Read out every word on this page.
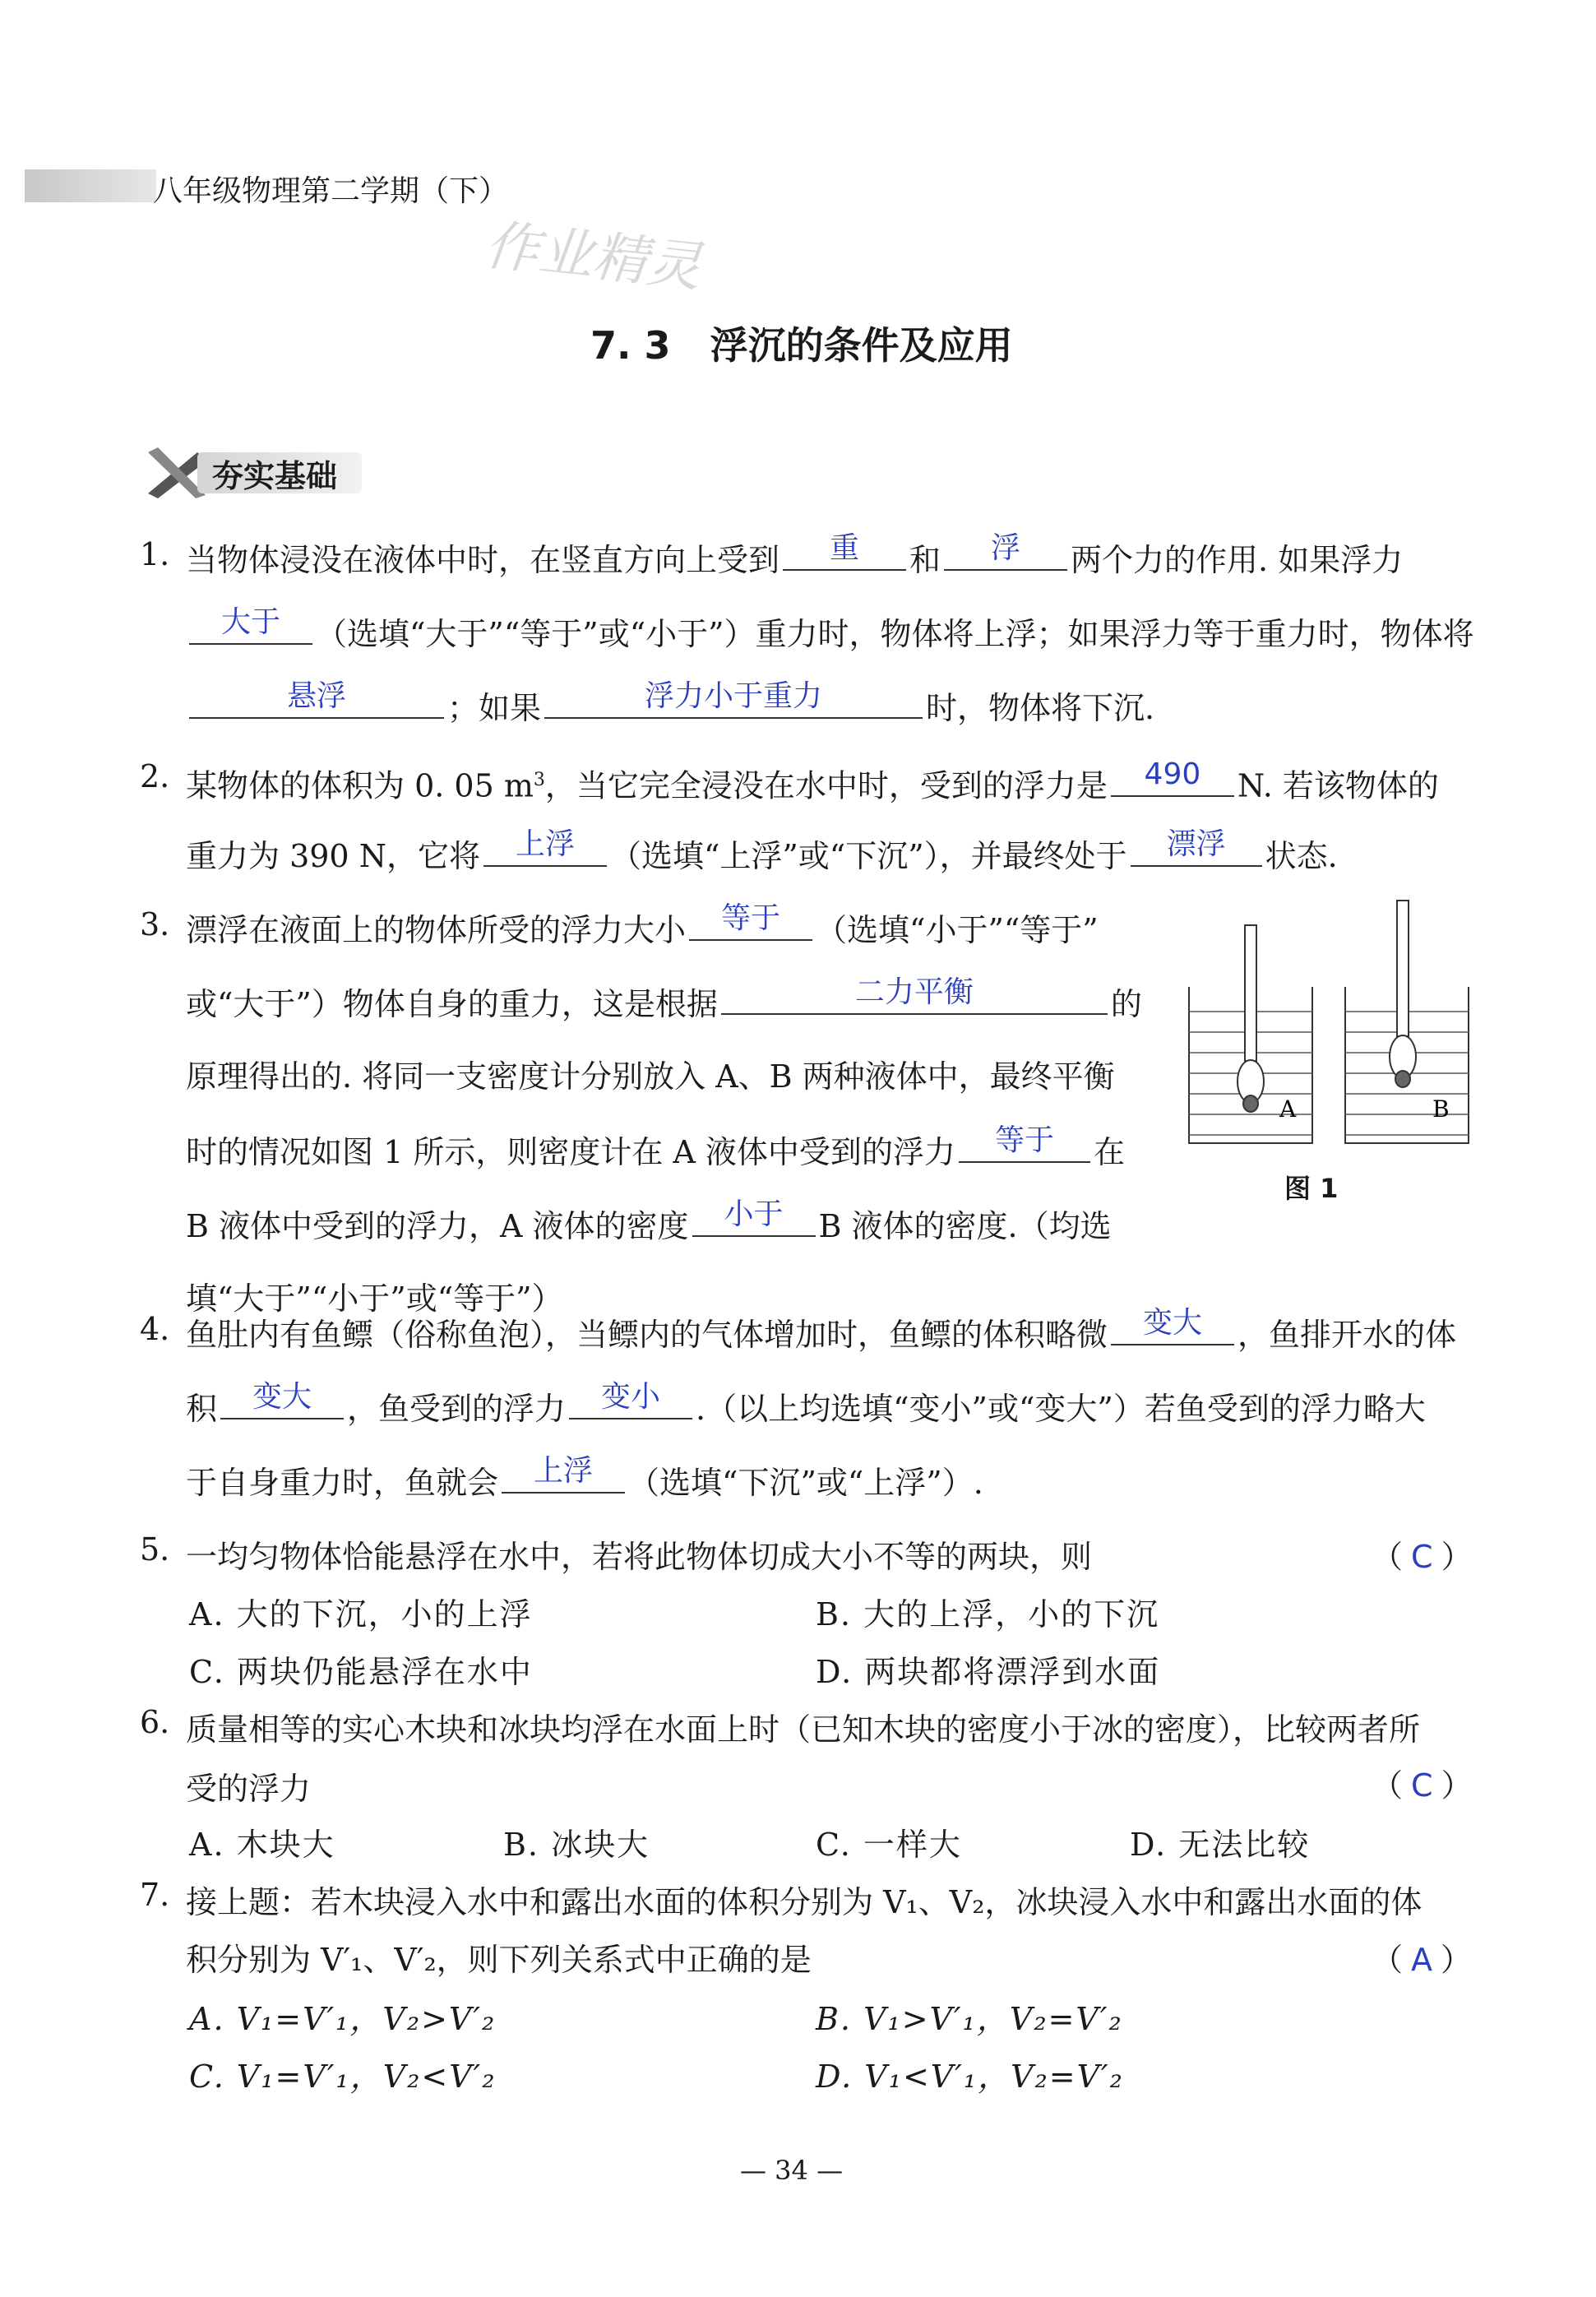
八年级物理第二学期（下）
作业精灵
7. 3 浮沉的条件及应用
夯实基础
1. 当物体浸没在液体中时，在竖直方向上受到	重	和	浮	两个力的作用. 如果浮力
大于	（选填“大于”“等于”或“小于”）重力时，物体将上浮；如果浮力等于重力时，物体将
悬浮	；如果	浮力小于重力	时，物体将下沉.
2. 某物体的体积为 0. 05 $m^3$，当它完全浸没在水中时，受到的浮力是	490	N. 若该物体的
重力为 390 N，它将	上浮	（选填“上浮”或“下沉”），并最终处于	漂浮	状态.
3. 漂浮在液面上的物体所受的浮力大小	等于	（选填“小于”“等于”
或“大于”）物体自身的重力，这是根据	二力平衡	的
原理得出的. 将同一支密度计分别放入 A、B 两种液体中，最终平衡
时的情况如图 1 所示，则密度计在 A 液体中受到的浮力	等于	在
B 液体中受到的浮力，A 液体的密度	小于	B 液体的密度.（均选
填“大于”“小于”或“等于”）
A	B
图 1
4. 鱼肚内有鱼鳔（俗称鱼泡），当鳔内的气体增加时，鱼鳔的体积略微	变大	，鱼排开水的体
积	变大	，鱼受到的浮力	变小	.（以上均选填“变小”或“变大”）若鱼受到的浮力略大
于自身重力时，鱼就会	上浮	（选填“下沉”或“上浮”）.
5. 一均匀物体恰能悬浮在水中，若将此物体切成大小不等的两块，则	（C）
A. 大的下沉，小的上浮	B. 大的上浮，小的下沉
C. 两块仍能悬浮在水中	D. 两块都将漂浮到水面
6. 质量相等的实心木块和冰块均浮在水面上时（已知木块的密度小于冰的密度），比较两者所
受的浮力	（C）
A. 木块大	B. 冰块大	C. 一样大	D. 无法比较
7. 接上题：若木块浸入水中和露出水面的体积分别为 V₁、V₂，冰块浸入水中和露出水面的体
积分别为 V′₁、V′₂，则下列关系式中正确的是	（A）
A. V₁=V′₁，V₂>V′₂	B. V₁>V′₁，V₂=V′₂
C. V₁=V′₁，V₂<V′₂	D. V₁<V′₁，V₂=V′₂
— 34 —
